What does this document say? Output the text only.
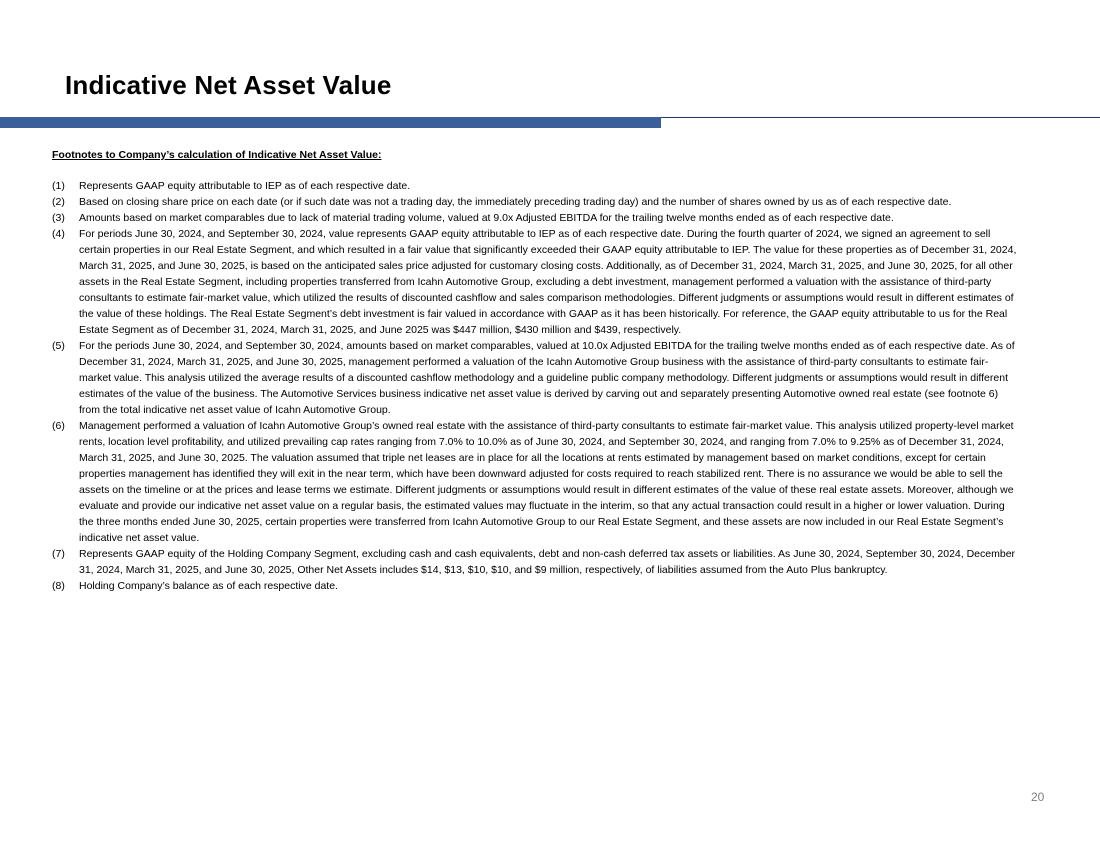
Indicative Net Asset Value
Footnotes to Company’s calculation of Indicative Net Asset Value:
(1)	Represents GAAP equity attributable to IEP as of each respective date.
(2)	Based on closing share price on each date (or if such date was not a trading day, the immediately preceding trading day) and the number of shares owned by us as of each respective date.
(3)	Amounts based on market comparables due to lack of material trading volume, valued at 9.0x Adjusted EBITDA for the trailing twelve months ended as of each respective date.
(4)	For periods June 30, 2024, and September 30, 2024, value represents GAAP equity attributable to IEP as of each respective date. During the fourth quarter of 2024, we signed an agreement to sell certain properties in our Real Estate Segment, and which resulted in a fair value that significantly exceeded their GAAP equity attributable to IEP. The value for these properties as of December 31, 2024, March 31, 2025, and June 30, 2025, is based on the anticipated sales price adjusted for customary closing costs. Additionally, as of December 31, 2024, March 31, 2025, and June 30, 2025, for all other assets in the Real Estate Segment, including properties transferred from Icahn Automotive Group, excluding a debt investment, management performed a valuation with the assistance of third-party consultants to estimate fair-market value, which utilized the results of discounted cashflow and sales comparison methodologies. Different judgments or assumptions would result in different estimates of the value of these holdings. The Real Estate Segment’s debt investment is fair valued in accordance with GAAP as it has been historically. For reference, the GAAP equity attributable to us for the Real Estate Segment as of December 31, 2024, March 31, 2025, and June 2025 was $447 million, $430 million and $439, respectively.
(5)	For the periods June 30, 2024, and September 30, 2024, amounts based on market comparables, valued at 10.0x Adjusted EBITDA for the trailing twelve months ended as of each respective date. As of December 31, 2024, March 31, 2025, and June 30, 2025, management performed a valuation of the Icahn Automotive Group business with the assistance of third-party consultants to estimate fair-market value. This analysis utilized the average results of a discounted cashflow methodology and a guideline public company methodology. Different judgments or assumptions would result in different estimates of the value of the business. The Automotive Services business indicative net asset value is derived by carving out and separately presenting Automotive owned real estate (see footnote 6) from the total indicative net asset value of Icahn Automotive Group.
(6)	Management performed a valuation of Icahn Automotive Group’s owned real estate with the assistance of third-party consultants to estimate fair-market value. This analysis utilized property-level market rents, location level profitability, and utilized prevailing cap rates ranging from 7.0% to 10.0% as of June 30, 2024, and September 30, 2024, and ranging from 7.0% to 9.25% as of December 31, 2024, March 31, 2025, and June 30, 2025. The valuation assumed that triple net leases are in place for all the locations at rents estimated by management based on market conditions, except for certain properties management has identified they will exit in the near term, which have been downward adjusted for costs required to reach stabilized rent. There is no assurance we would be able to sell the assets on the timeline or at the prices and lease terms we estimate. Different judgments or assumptions would result in different estimates of the value of these real estate assets. Moreover, although we evaluate and provide our indicative net asset value on a regular basis, the estimated values may fluctuate in the interim, so that any actual transaction could result in a higher or lower valuation. During the three months ended June 30, 2025, certain properties were transferred from Icahn Automotive Group to our Real Estate Segment, and these assets are now included in our Real Estate Segment’s indicative net asset value.
(7)	Represents GAAP equity of the Holding Company Segment, excluding cash and cash equivalents, debt and non-cash deferred tax assets or liabilities. As June 30, 2024, September 30, 2024, December 31, 2024, March 31, 2025, and June 30, 2025, Other Net Assets includes $14, $13, $10, $10, and $9 million, respectively, of liabilities assumed from the Auto Plus bankruptcy.
(8)	Holding Company’s balance as of each respective date.
20
